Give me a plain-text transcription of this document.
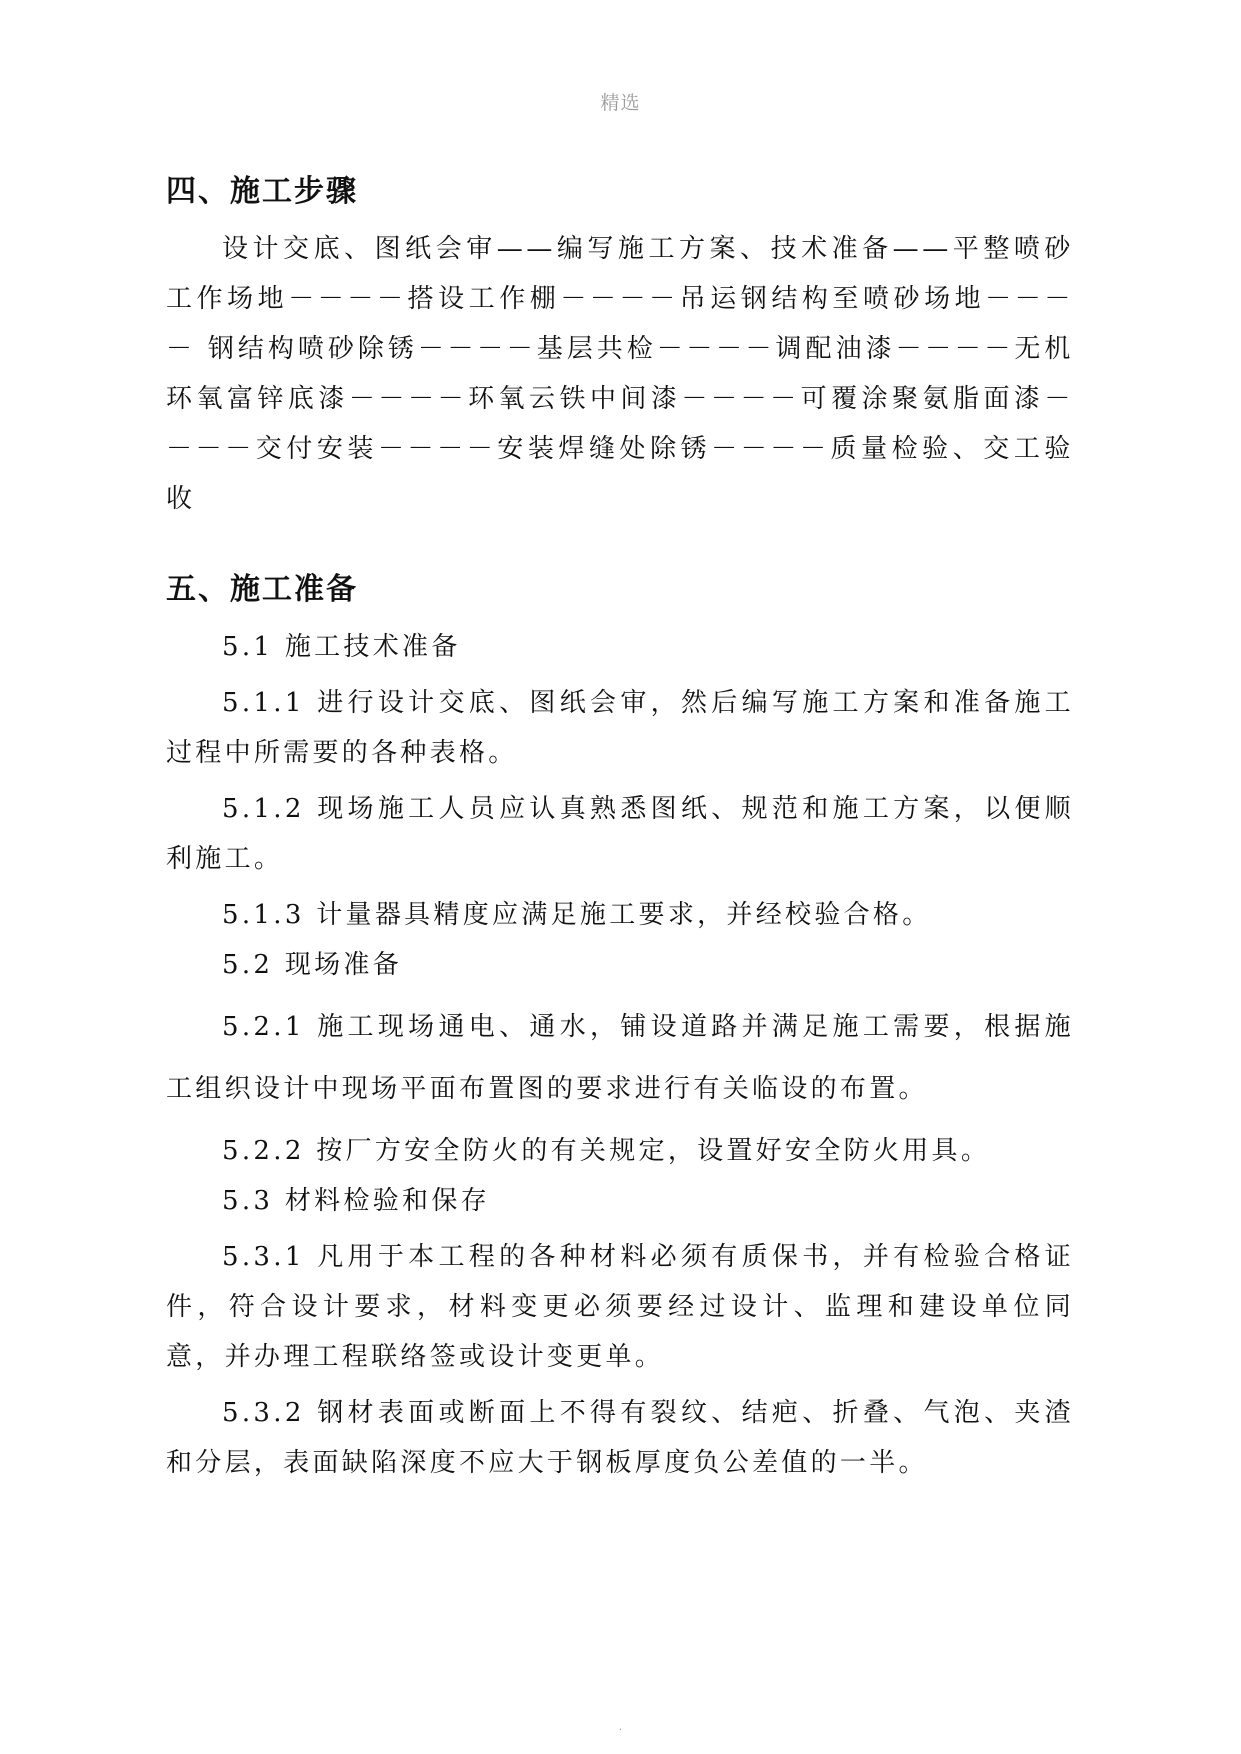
精选
四、施工步骤

设计交底、图纸会审——编写施工方案、技术准备——平整喷砂工作场地－－－－搭设工作棚－－－－吊运钢结构至喷砂场地－－－－ 钢结构喷砂除锈－－－－基层共检－－－－调配油漆－－－－无机环氧富锌底漆－－－－环氧云铁中间漆－－－－可覆涂聚氨脂面漆－－－－交付安装－－－－安装焊缝处除锈－－－－质量检验、交工验收

五、施工准备

5.1 施工技术准备

5.1.1 进行设计交底、图纸会审，然后编写施工方案和准备施工过程中所需要的各种表格。

5.1.2 现场施工人员应认真熟悉图纸、规范和施工方案，以便顺利施工。

5.1.3 计量器具精度应满足施工要求，并经校验合格。

5.2 现场准备

5.2.1 施工现场通电、通水，铺设道路并满足施工需要，根据施工组织设计中现场平面布置图的要求进行有关临设的布置。

5.2.2 按厂方安全防火的有关规定，设置好安全防火用具。

5.3 材料检验和保存

5.3.1 凡用于本工程的各种材料必须有质保书，并有检验合格证件，符合设计要求，材料变更必须要经过设计、监理和建设单位同意，并办理工程联络签或设计变更单。

5.3.2 钢材表面或断面上不得有裂纹、结疤、折叠、气泡、夹渣和分层，表面缺陷深度不应大于钢板厚度负公差值的一半。

.
